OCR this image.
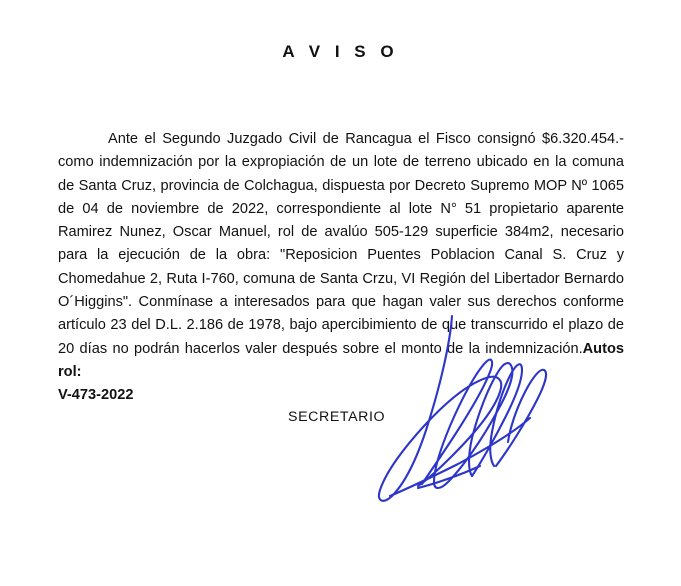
A V I S O

Ante el Segundo Juzgado Civil de Rancagua el Fisco consignó $6.320.454.- como indemnización por la expropiación de un lote de terreno ubicado en la comuna de Santa Cruz, provincia de Colchagua, dispuesta por Decreto Supremo MOP Nº 1065 de 04 de noviembre de 2022, correspondiente al lote N° 51 propietario aparente Ramirez Nunez, Oscar Manuel, rol de avalúo 505-129 superficie 384m2, necesario para la ejecución de la obra: "Reposicion Puentes Poblacion Canal S. Cruz y Chomedahue 2, Ruta I-760, comuna de Santa Crzu, VI Región del Libertador Bernardo O´Higgins". Conmínase a interesados para que hagan valer sus derechos conforme artículo 23 del D.L. 2.186 de 1978, bajo apercibimiento de que transcurrido el plazo de 20 días no podrán hacerlos valer después sobre el monto de la indemnización.Autos rol:
V-473-2022

SECRETARIO
